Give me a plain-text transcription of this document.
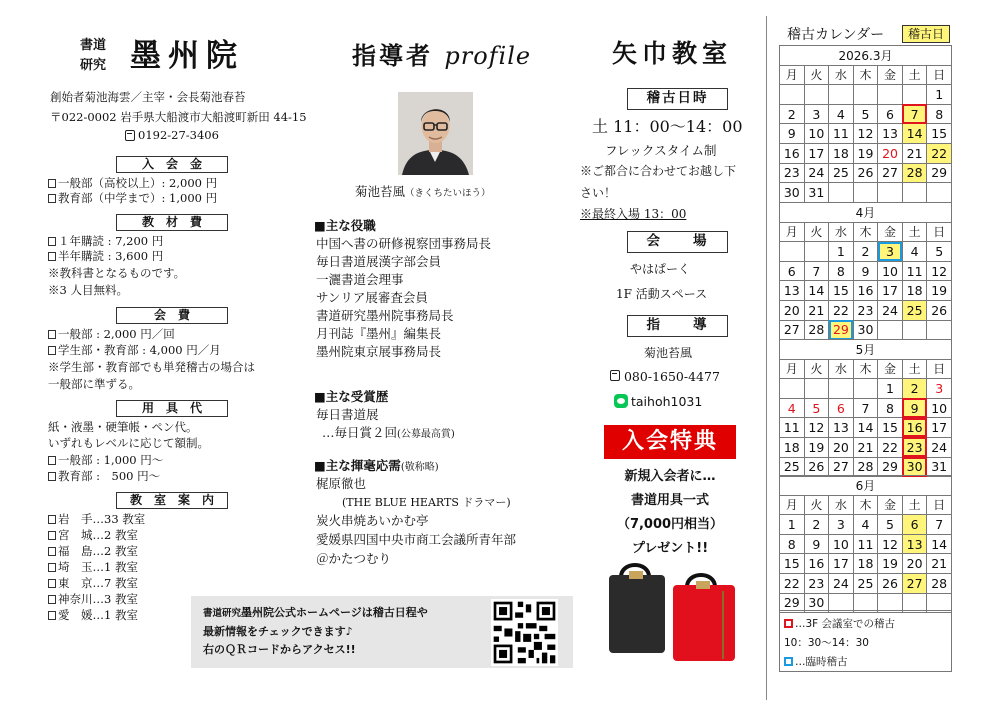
書道
研究 墨州院
創始者菊池海雲／主宰・会長菊池春苔
〒022-0002 岩手県大船渡市大船渡町新田 44-15
0192-27-3406
入会金
一般部（高校以上）: 2,000 円
教育部（中学まで）: 1,000 円
教材費
１年購読 : 7,200 円
半年購読 : 3,600 円
※教科書となるものです。
※3 人目無料。
会費
一般部 : 2,000 円／回
学生部・教育部 : 4,000 円／月
※学生部・教育部でも単発稽古の場合は
一般部に準ずる。
用具代
紙・液墨・硬筆帳・ペン代。
いずれもレベルに応じて額制。
一般部 : 1,000 円～
教育部 :　500 円～
教室案内
岩　手…33 教室
宮　城…2 教室
福　島…2 教室
埼　玉…1 教室
東　京…7 教室
神奈川…3 教室
愛　媛…1 教室
指導者 profile
菊池苔風（きくちたいほう）
■主な役職
中国へ書の研修視察団事務局長
毎日書道展漢字部会員
一灑書道会理事
サンリア展審査会員
書道研究墨州院事務局長
月刊誌『墨州』編集長
墨州院東京展事務局長
■主な受賞歴
毎日書道展
…毎日賞２回(公募最高賞)
■主な揮毫応需(敬称略)
梶原徹也
(THE BLUE HEARTS ドラマー)
炭火串焼あいかむ亭
愛媛県四国中央市商工会議所青年部
＠かたつむり
矢巾教室
稽古日時
土 11：00～14：00
フレックスタイム制
※ご都合に合わせてお越し下
さい！
※最終入場 13：00
会　　場
やはぱーく
1F 活動スペース
指　　導
菊池苔風
080-1650-4477
taihoh1031
入会特典
新規入会者に…
書道用具一式
（7,000円相当）
プレゼント!!
書道研究墨州院公式ホームページは稽古日程や
最新情報をチェックできます♪
右のＱＲコードからアクセス!!
稽古カレンダー	稽古日
2026.3月						
月	火	水	木	金	土	日
						1
2	3	4	5	6	7	8
9	10	11	12	13	14	15
16	17	18	19	20	21	22
23	24	25	26	27	28	29
30	31					
4月						
月	火	水	木	金	土	日
		1	2	3	4	5
6	7	8	9	10	11	12
13	14	15	16	17	18	19
20	21	22	23	24	25	26
27	28	29	30			
5月						
月	火	水	木	金	土	日
				1	2	3
4	5	6	7	8	9	10
11	12	13	14	15	16	17
18	19	20	21	22	23	24
25	26	27	28	29	30	31
6月						
月	火	水	木	金	土	日
1	2	3	4	5	6	7
8	9	10	11	12	13	14
15	16	17	18	19	20	21
22	23	24	25	26	27	28
29	30					
…3F 会議室での稽古
10：30～14：30
…臨時稽古
